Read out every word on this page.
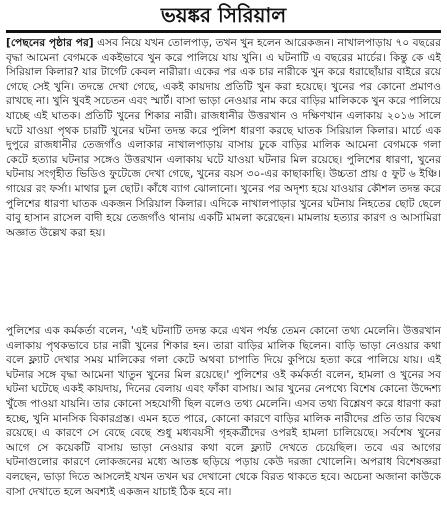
ভয়ঙ্কর সিরিয়াল

[পেছনের পৃষ্ঠার পর] এসব নিয়ে যখন তোলপাড়, তখন খুন হলেন আরেকজন। নাখালপাড়ায় ৭০ বছরের বৃদ্ধা আমেনা বেগমকে একইভাবে খুন করে পালিয়ে যায় খুনি। এ ঘটনাটি এ বছরের মার্চের। কিন্তু কে এই সিরিয়াল কিলার? যার টার্গেট কেবল নারীরা। একের পর এক চার নারীকে খুন করে ধরাছোঁয়ার বাইরে রয়ে গেছে সেই খুনি। তদন্তে দেখা গেছে, একই কায়দায় প্রতিটি খুন করা হয়েছে। খুনের পর কোনো প্রমাণও রাখছে না। খুনি খুবই সচেতন এবং স্মার্ট। বাসা ভাড়া নেওয়ার নাম করে বাড়ির মালিককে খুন করে পালিয়ে যাচ্ছে এই ঘাতক। প্রতিটি খুনের শিকার নারী। রাজধানীর উত্তরখান ও দক্ষিণখান এলাকায় ২০১৬ সালে ঘটে যাওয়া পৃথক চারটি খুনের ঘটনা তদন্ত করে পুলিশ ধারণা করছে ঘাতক সিরিয়াল কিলার। মার্চে এক দুপুরে রাজধানীর তেজগাঁও এলাকার নাখালপাড়ায় বাসায় ঢুকে বাড়ির মালিক আমেনা বেগমকে গলা কেটে হত্যার ঘটনার সঙ্গেও উত্তরখান এলাকায় ঘটে যাওয়া ঘটনার মিল রয়েছে। পুলিশের ধারণা, খুনের ঘটনায় সংগৃহীত ভিডিও ফুটেজে দেখা গেছে, খুনের বয়স ৩০-এর কাছাকাছি। উচ্চতা প্রায় ৫ ফুট ৬ ইঞ্চি। গায়ের রং ফর্সা। মাথার চুল ছোট। কাঁধে ব্যাগ ঝোলানো। খুনের পর অদৃশ্য হয়ে যাওয়ার কৌশল তদন্ত করে পুলিশের ধারণা ঘাতক একজন সিরিয়াল কিলার। এদিকে নাখালপাড়ার খুনের ঘটনায় নিহতের ছোট ছেলে বাবু হাসান রাসেল বাদী হয়ে তেজগাঁও থানায় একটি মামলা করেছেন। মামলায় হত্যার কারণ ও আসামিরা অজ্ঞাত উল্লেখ করা হয়।

পুলিশের এক কর্মকর্তা বলেন, 'এই ঘটনাটি তদন্ত করে এখন পর্যন্ত তেমন কোনো তথ্য মেলেনি। উত্তরখান এলাকায় পৃথকভাবে চার নারী খুনের শিকার হন। তারা বাড়ির মালিক ছিলেন। বাড়ি ভাড়া নেওয়ার কথা বলে ফ্ল্যাট দেখার সময় মালিকের গলা কেটে অথবা চাপাতি দিয়ে কুপিয়ে হত্যা করে পালিয়ে যায়। এই ঘটনার সঙ্গে বৃদ্ধা আমেনা খাতুন খুনের মিল রয়েছে।' পুলিশের ওই কর্মকর্তা বলেন, হামলা ও খুনের সব ঘটনা ঘটেছে একই কায়দায়, দিনের বেলায় এবং ফাঁকা বাসায়। আর খুনের নেপথ্যে বিশেষ কোনো উদ্দেশ্য খুঁজে পাওয়া যায়নি। তার কোনো সহযোগী ছিল বলেও তথ্য মেলেনি। এসব তথ্য বিশ্লেষণ করে ধারণা করা হচ্ছে, খুনি মানসিক বিকারগ্রস্ত। এমন হতে পারে, কোনো কারণে বাড়ির মালিক নারীদের প্রতি তার বিদ্বেষ রয়েছে। এ কারণে সে বেছে বেছে শুধু মধ্যবয়সী গৃহকর্ত্রীদের ওপরই হামলা চালিয়েছে। সর্বশেষ খুনের আগে সে কয়েকটি বাসায় ভাড়া নেওয়ার কথা বলে ফ্ল্যাট দেখতে চেয়েছিল। তবে এর আগের ঘটনাগুলোর কারণে লোকজনের মধ্যে আতঙ্ক ছড়িয়ে পড়ায় কেউ দরজা খোলেনি। অপরাধ বিশেষজ্ঞরা বলছেন, ভাড়া দিতে আসলেই যখন তখন ঘর দেখানো থেকে বিরত থাকতে হবে। অচেনা অজানা কাউকে বাসা দেখাতে হলে অবশ্যই একজন যাচাই ঠিক হবে না।
